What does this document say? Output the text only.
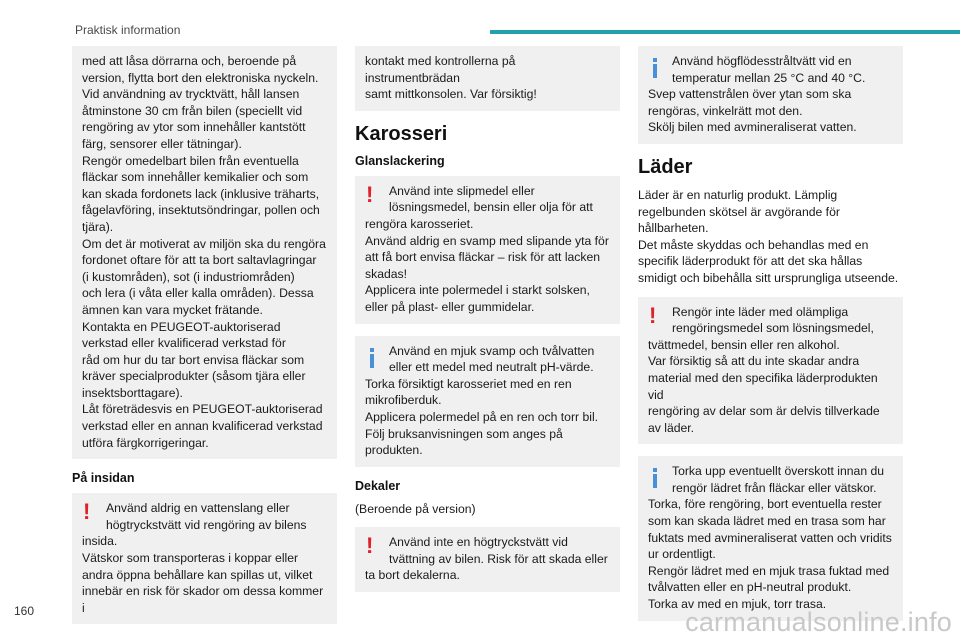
Praktisk information
med att låsa dörrarna och, beroende på
version, flytta bort den elektroniska nyckeln.
Vid användning av trycktvätt, håll lansen
åtminstone 30 cm från bilen (speciellt vid
rengöring av ytor som innehåller kantstött
färg, sensorer eller tätningar).
Rengör omedelbart bilen från eventuella
fläckar som innehåller kemikalier och som
kan skada fordonets lack (inklusive träharts,
fågelavföring, insektutsöndringar, pollen och
tjära).
Om det är motiverat av miljön ska du rengöra
fordonet oftare för att ta bort saltavlagringar
(i kustområden), sot (i industriområden)
och lera (i våta eller kalla områden). Dessa
ämnen kan vara mycket frätande.
Kontakta en PEUGEOT-auktoriserad
verkstad eller kvalificerad verkstad för
råd om hur du tar bort envisa fläckar som
kräver specialprodukter (såsom tjära eller
insektsborttagare).
Låt företrädesvis en PEUGEOT-auktoriserad
verkstad eller en annan kvalificerad verkstad
utföra färgkorrigeringar.
På insidan
! Använd aldrig en vattenslang eller
högtryckstvätt vid rengöring av bilens
insida.
Vätskor som transporteras i koppar eller
andra öppna behållare kan spillas ut, vilket
innebär en risk för skador om dessa kommer i
kontakt med kontrollerna på instrumentbrädan
samt mittkonsolen. Var försiktig!
Karosseri
Glanslackering
! Använd inte slipmedel eller
lösningsmedel, bensin eller olja för att
rengöra karosseriet.
Använd aldrig en svamp med slipande yta för
att få bort envisa fläckar – risk för att lacken
skadas!
Applicera inte polermedel i starkt solsken,
eller på plast- eller gummidelar.
Använd en mjuk svamp och tvålvatten
eller ett medel med neutralt pH-värde.
Torka försiktigt karosseriet med en ren
mikrofiberduk.
Applicera polermedel på en ren och torr bil.
Följ bruksanvisningen som anges på
produkten.
Dekaler

(Beroende på version)

! Använd inte en högtryckstvätt vid
tvättning av bilen. Risk för att skada eller
ta bort dekalerna.
Använd högflödesstråltvätt vid en
temperatur mellan 25 °C and 40 °C.
Svep vattenstrålen över ytan som ska
rengöras, vinkelrätt mot den.
Skölj bilen med avmineraliserat vatten.
Läder
Läder är en naturlig produkt. Lämplig
regelbunden skötsel är avgörande för
hållbarheten.
Det måste skyddas och behandlas med en
specifik läderprodukt för att det ska hållas
smidigt och bibehålla sitt ursprungliga utseende.
! Rengör inte läder med olämpliga
rengöringsmedel som lösningsmedel,
tvättmedel, bensin eller ren alkohol.
Var försiktig så att du inte skadar andra
material med den specifika läderprodukten vid
rengöring av delar som är delvis tillverkade
av läder.
Torka upp eventuellt överskott innan du
rengör lädret från fläckar eller vätskor.
Torka, före rengöring, bort eventuella rester
som kan skada lädret med en trasa som har
fuktats med avmineraliserat vatten och vridits
ur ordentligt.
Rengör lädret med en mjuk trasa fuktad med
tvålvatten eller en pH-neutral produkt.
Torka av med en mjuk, torr trasa.
160	carmanualsonline.info
